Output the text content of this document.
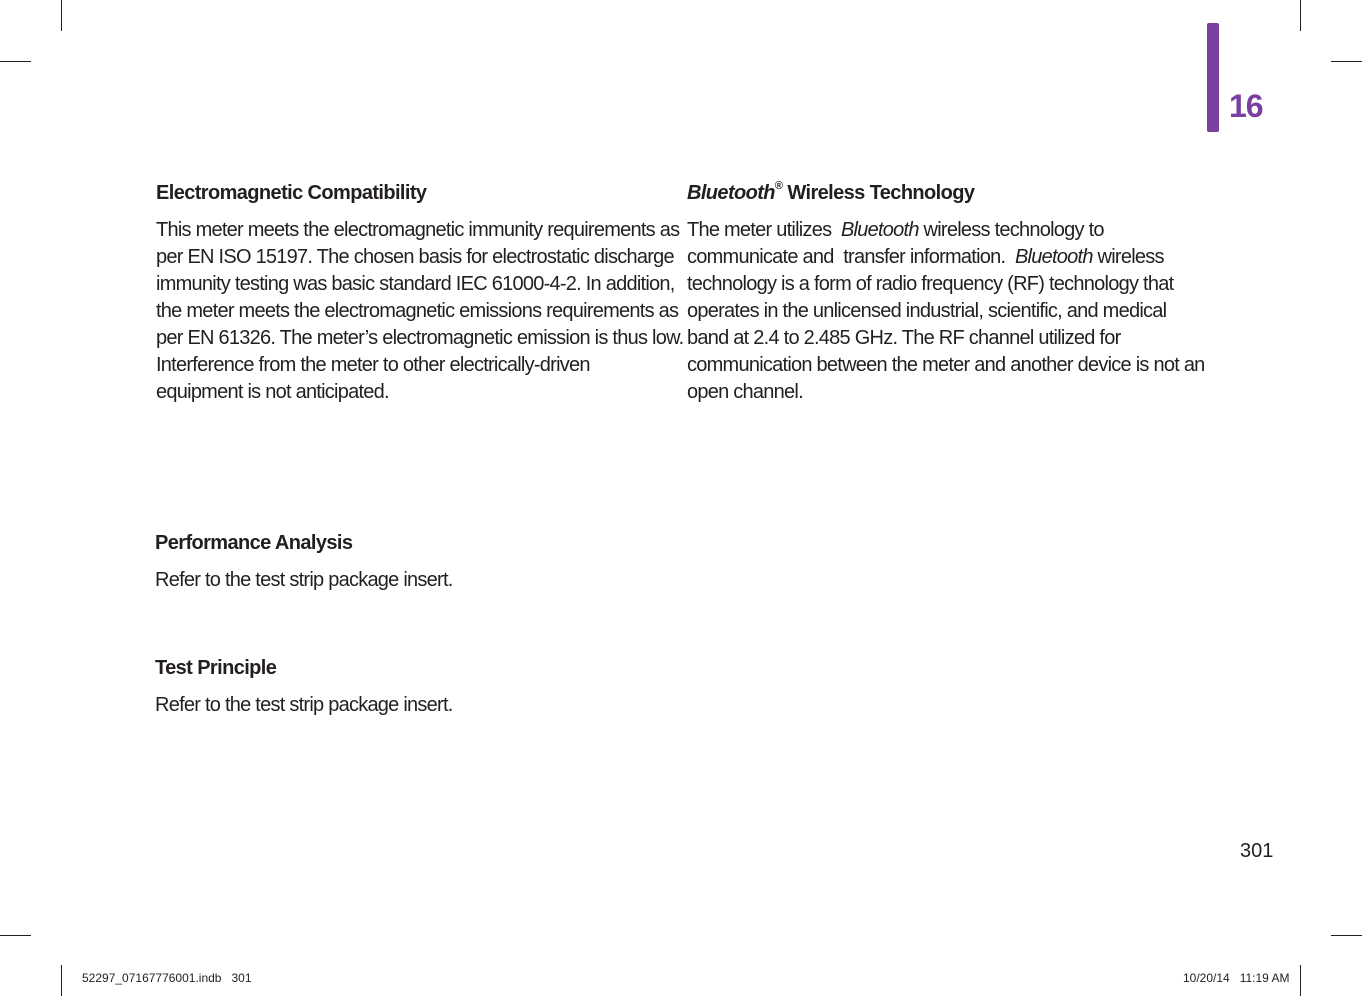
16
Electromagnetic Compatibility
This meter meets the electromagnetic immunity requirements as
per EN ISO 15197. The chosen basis for electrostatic discharge
immunity testing was basic standard IEC 61000-4-2. In addition,
the meter meets the electromagnetic emissions requirements as
per EN 61326. The meter’s electromagnetic emission is thus low.
Interference from the meter to other electrically-driven
equipment is not anticipated.
Bluetooth® Wireless Technology
The meter utilizes  Bluetooth wireless technology to
communicate and  transfer information.  Bluetooth wireless
technology is a form of radio frequency (RF) technology that
operates in the unlicensed industrial, scientific, and medical
band at 2.4 to 2.485 GHz. The RF channel utilized for
communication between the meter and another device is not an
open channel.
Performance Analysis
Refer to the test strip package insert.
Test Principle
Refer to the test strip package insert.
301
52297_07167776001.indb   301	10/20/14   11:19 AM
